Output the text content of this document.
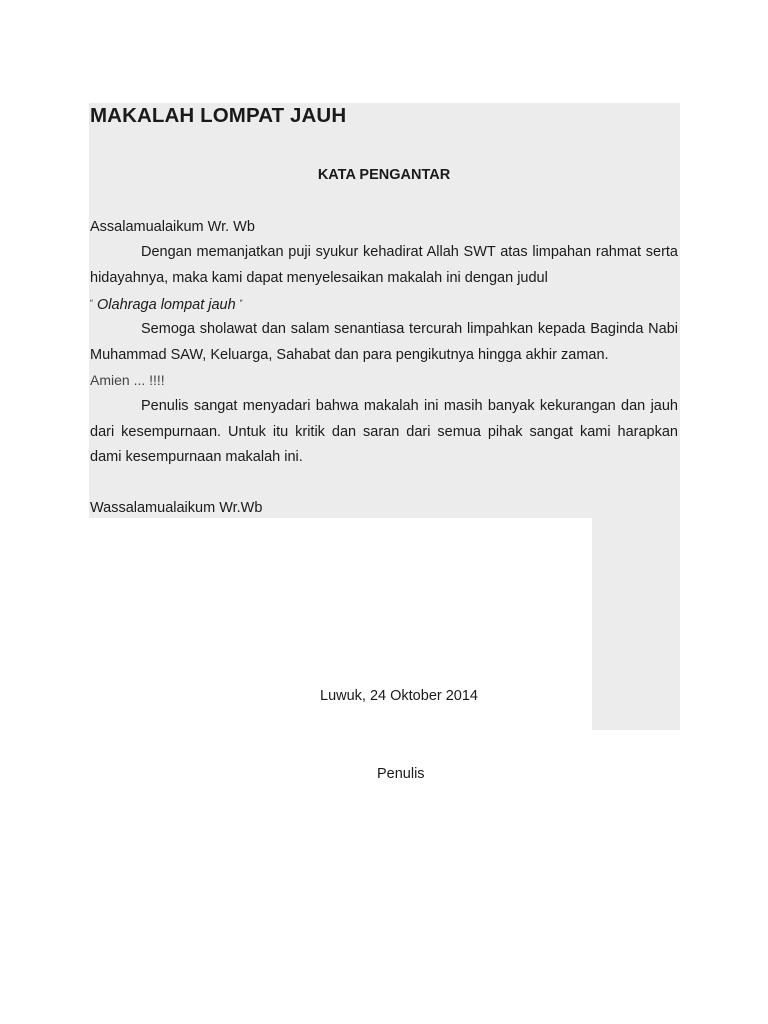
MAKALAH LOMPAT JAUH
KATA PENGANTAR
Assalamualaikum Wr. Wb

Dengan memanjatkan puji syukur kehadirat Allah SWT atas limpahan rahmat serta hidayahnya, maka kami dapat menyelesaikan makalah ini dengan judul
“ Olahraga lompat jauh “

Semoga sholawat dan salam senantiasa tercurah limpahkan kepada Baginda Nabi Muhammad SAW, Keluarga, Sahabat dan para pengikutnya hingga akhir zaman.
Amien ... !!!!

Penulis sangat menyadari bahwa makalah ini masih banyak kekurangan dan jauh dari kesempurnaan. Untuk itu kritik dan saran dari semua pihak sangat kami harapkan dami kesempurnaan makalah ini.

Wassalamualaikum Wr.Wb
Luwuk, 24 Oktober 2014
Penulis
